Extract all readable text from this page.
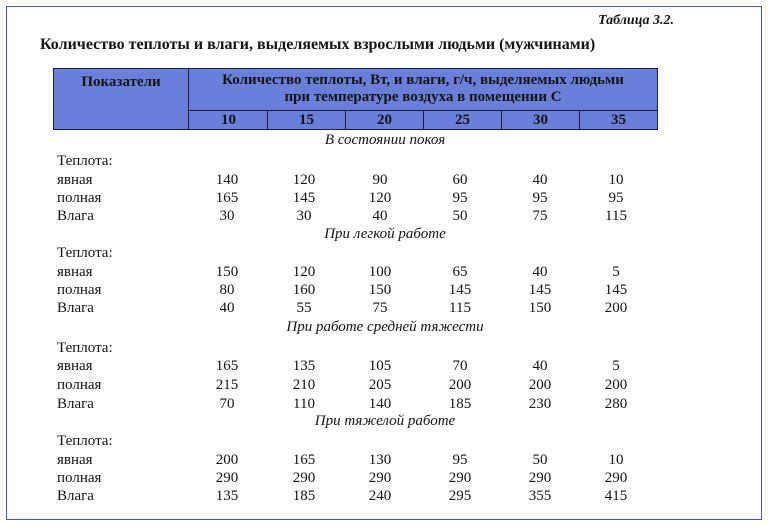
Таблица 3.2.
Количество теплоты и влаги, выделяемых взрослыми людьми (мужчинами)
Показатели	Количество теплоты, Вт, и влаги, г/ч, выделяемых людьми
при температуре воздуха в помещении С
10	15	20	25	30	35
В состоянии покоя
Теплота:
явная	140	120	90	60	40	10
полная	165	145	120	95	95	95
Влага	30	30	40	50	75	115
При легкой работе
Теплота:
явная	150	120	100	65	40	5
полная	80	160	150	145	145	145
Влага	40	55	75	115	150	200
При работе средней тяжести
Теплота:
явная	165	135	105	70	40	5
полная	215	210	205	200	200	200
Влага	70	110	140	185	230	280
При тяжелой работе
Теплота:
явная	200	165	130	95	50	10
полная	290	290	290	290	290	290
Влага	135	185	240	295	355	415
